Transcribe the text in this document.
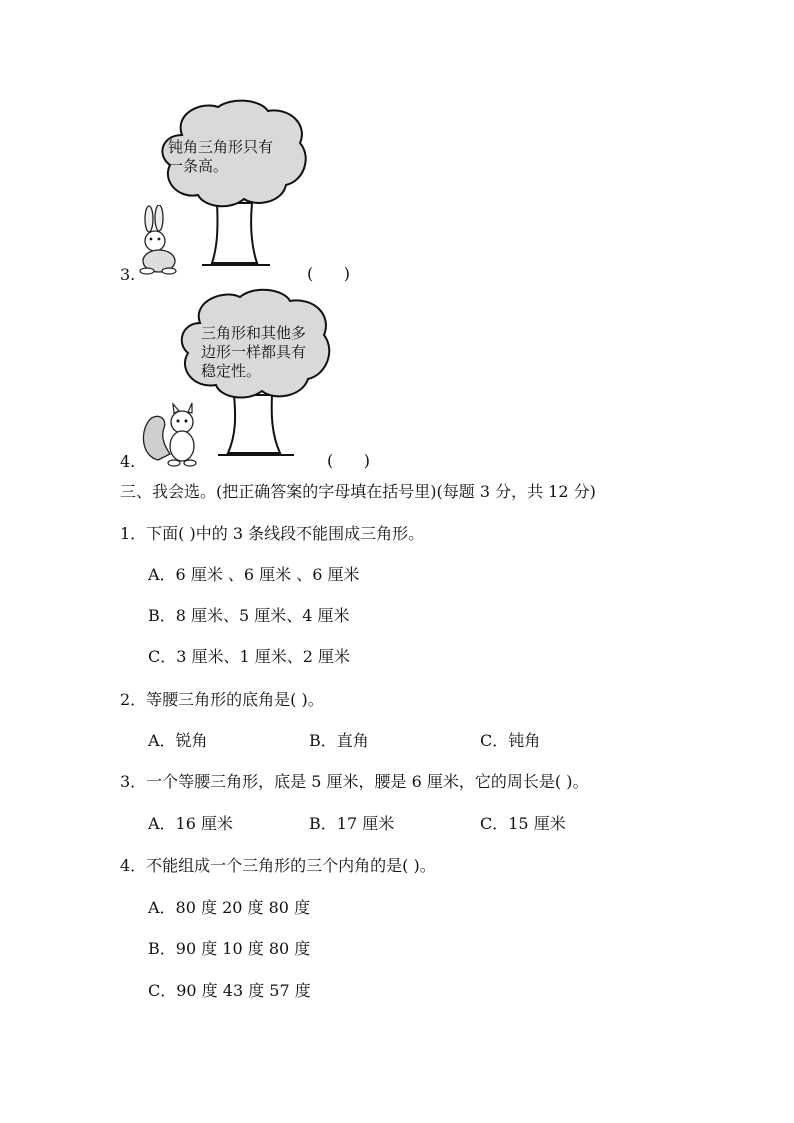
钝角三角形只有
一条高。
3.	(      )
三角形和其他多
边形一样都具有
稳定性。
4.	(      )
三、我会选。(把正确答案的字母填在括号里)(每题 3 分，共 12 分)
1．下面( )中的 3 条线段不能围成三角形。
A．6 厘米 、6 厘米 、6 厘米
B．8 厘米、5 厘米、4 厘米
C．3 厘米、1 厘米、2 厘米
2．等腰三角形的底角是( )。
A．锐角	B．直角	C．钝角
3．一个等腰三角形，底是 5 厘米，腰是 6 厘米，它的周长是( )。
A．16 厘米	B．17 厘米	C．15 厘米
4．不能组成一个三角形的三个内角的是( )。
A．80 度 20 度 80 度
B．90 度 10 度 80 度
C．90 度 43 度 57 度
